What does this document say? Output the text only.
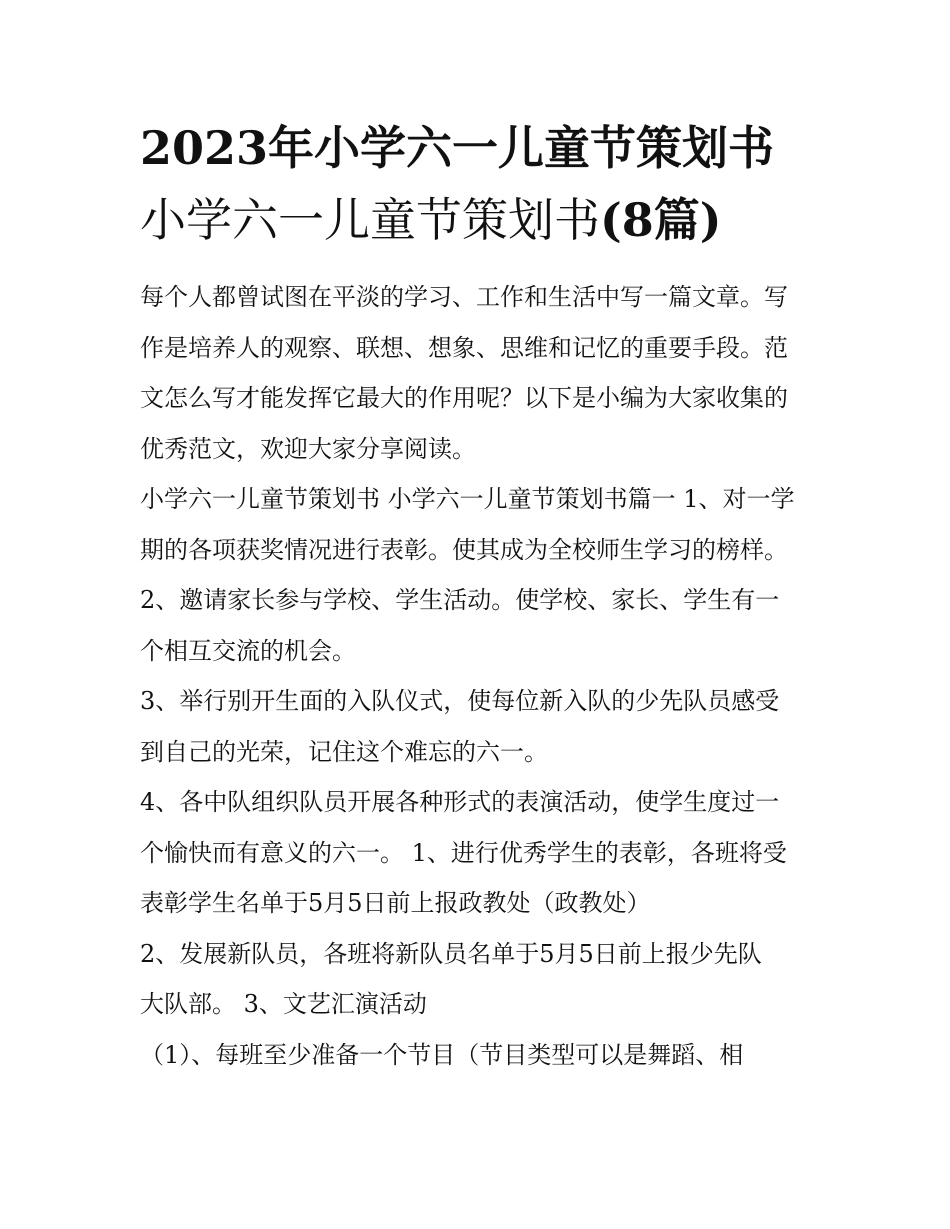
2023年小学六一儿童节策划书
小学六一儿童节策划书(8篇)

每个人都曾试图在平淡的学习、工作和生活中写一篇文章。写
作是培养人的观察、联想、想象、思维和记忆的重要手段。范
文怎么写才能发挥它最大的作用呢？以下是小编为大家收集的
优秀范文，欢迎大家分享阅读。

小学六一儿童节策划书 小学六一儿童节策划书篇一 1、对一学
期的各项获奖情况进行表彰。使其成为全校师生学习的榜样。

2、邀请家长参与学校、学生活动。使学校、家长、学生有一
个相互交流的机会。

3、举行别开生面的入队仪式，使每位新入队的少先队员感受
到自己的光荣，记住这个难忘的六一。

4、各中队组织队员开展各种形式的表演活动，使学生度过一
个愉快而有意义的六一。 1、进行优秀学生的表彰，各班将受
表彰学生名单于5月5日前上报政教处（政教处）

2、发展新队员，各班将新队员名单于5月5日前上报少先队
大队部。 3、文艺汇演活动

（1）、每班至少准备一个节目（节目类型可以是舞蹈、相
